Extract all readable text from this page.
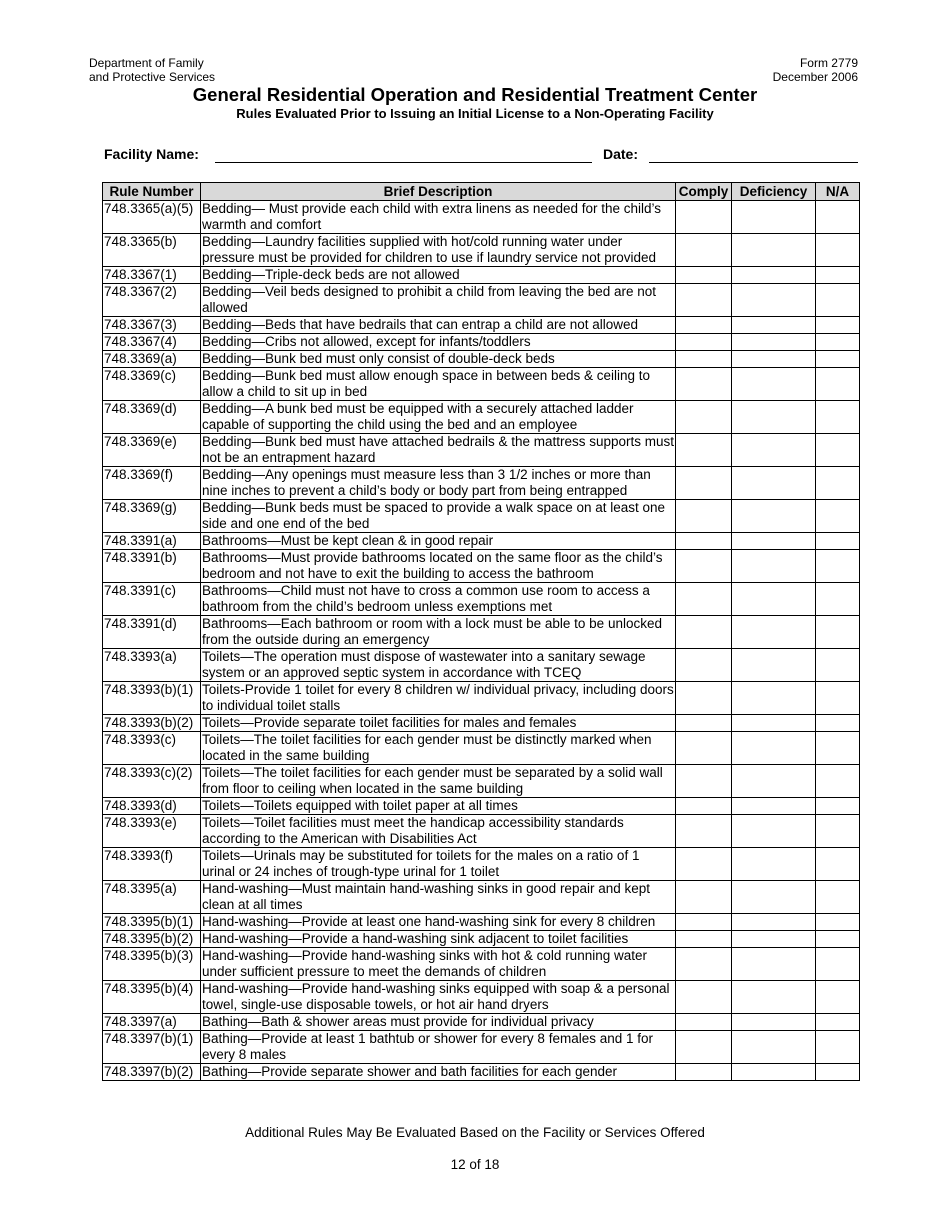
Department of Family
and Protective Services
Form 2779
December 2006
General Residential Operation and Residential Treatment Center
Rules Evaluated Prior to Issuing an Initial License to a Non-Operating Facility
Facility Name:	Date:
Rule Number	Brief Description	Comply	Deficiency	N/A
748.3365(a)(5)	Bedding— Must provide each child with extra linens as needed for the child’s warmth and comfort			
748.3365(b)	Bedding—Laundry facilities supplied with hot/cold running water under pressure must be provided for children to use if laundry service not provided			
748.3367(1)	Bedding—Triple-deck beds are not allowed			
748.3367(2)	Bedding—Veil beds designed to prohibit a child from leaving the bed are not allowed			
748.3367(3)	Bedding—Beds that have bedrails that can entrap a child are not allowed			
748.3367(4)	Bedding—Cribs not allowed, except for infants/toddlers			
748.3369(a)	Bedding—Bunk bed must only consist of double-deck beds			
748.3369(c)	Bedding—Bunk bed must allow enough space in between beds & ceiling to allow a child to sit up in bed			
748.3369(d)	Bedding—A bunk bed must be equipped with a securely attached ladder capable of supporting the child using the bed and an employee			
748.3369(e)	Bedding—Bunk bed must have attached bedrails & the mattress supports must not be an entrapment hazard			
748.3369(f)	Bedding—Any openings must measure less than 3 1/2 inches or more than nine inches to prevent a child’s body or body part from being entrapped			
748.3369(g)	Bedding—Bunk beds must be spaced to provide a walk space on at least one side and one end of the bed			
748.3391(a)	Bathrooms—Must be kept clean & in good repair			
748.3391(b)	Bathrooms—Must provide bathrooms located on the same floor as the child’s bedroom and not have to exit the building to access the bathroom			
748.3391(c)	Bathrooms—Child must not have to cross a common use room to access a bathroom from the child’s bedroom unless exemptions met			
748.3391(d)	Bathrooms—Each bathroom or room with a lock must be able to be unlocked from the outside during an emergency			
748.3393(a)	Toilets—The operation must dispose of wastewater into a sanitary sewage system or an approved septic system in accordance with TCEQ			
748.3393(b)(1)	Toilets-Provide 1 toilet for every 8 children w/ individual privacy, including doors to individual toilet stalls			
748.3393(b)(2)	Toilets—Provide separate toilet facilities for males and females			
748.3393(c)	Toilets—The toilet facilities for each gender must be distinctly marked when located in the same building			
748.3393(c)(2)	Toilets—The toilet facilities for each gender must be separated by a solid wall from floor to ceiling when located in the same building			
748.3393(d)	Toilets—Toilets equipped with toilet paper at all times			
748.3393(e)	Toilets—Toilet facilities must meet the handicap accessibility standards according to the American with Disabilities Act			
748.3393(f)	Toilets—Urinals may be substituted for toilets for the males on a ratio of 1 urinal or 24 inches of trough-type urinal for 1 toilet			
748.3395(a)	Hand-washing—Must maintain hand-washing sinks in good repair and kept clean at all times			
748.3395(b)(1)	Hand-washing—Provide at least one hand-washing sink for every 8 children			
748.3395(b)(2)	Hand-washing—Provide a hand-washing sink adjacent to toilet facilities			
748.3395(b)(3)	Hand-washing—Provide hand-washing sinks with hot & cold running water under sufficient pressure to meet the demands of children			
748.3395(b)(4)	Hand-washing—Provide hand-washing sinks equipped with soap & a personal towel, single-use disposable towels, or hot air hand dryers			
748.3397(a)	Bathing—Bath & shower areas must provide for individual privacy			
748.3397(b)(1)	Bathing—Provide at least 1 bathtub or shower for every 8 females and 1 for every 8 males			
748.3397(b)(2)	Bathing—Provide separate shower and bath facilities for each gender			
Additional Rules May Be Evaluated Based on the Facility or Services Offered
12 of 18
